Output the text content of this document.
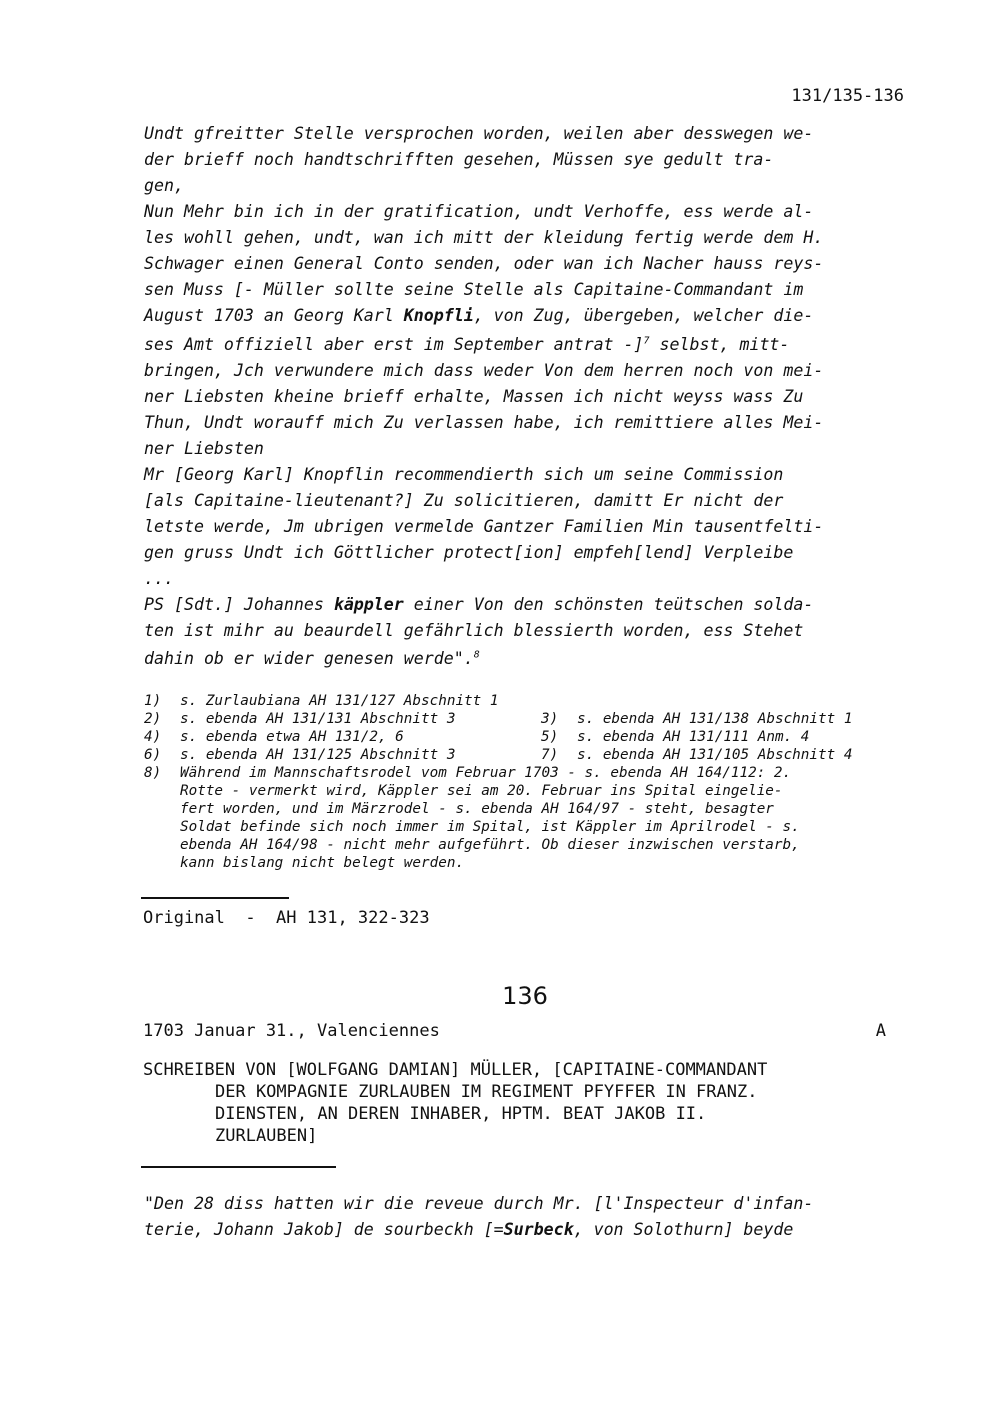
131/135-136
Undt gfreitter Stelle versprochen worden, weilen aber desswegen we-
der brieff noch handtschrifften gesehen, Müssen sye gedult tra-
gen,
Nun Mehr bin ich in der gratification, undt Verhoffe, ess werde al-
les wohll gehen, undt, wan ich mitt der kleidung fertig werde dem H.
Schwager einen General Conto senden, oder wan ich Nacher hauss reys-
sen Muss [- Müller sollte seine Stelle als Capitaine-Commandant im
August 1703 an Georg Karl Knopfli, von Zug, übergeben, welcher die-
ses Amt offiziell aber erst im September antrat -]$^7$ selbst, mitt-
bringen, Jch verwundere mich dass weder Von dem herren noch von mei-
ner Liebsten kheine brieff erhalte, Massen ich nicht weyss wass Zu
Thun, Undt worauff mich Zu verlassen habe, ich remittiere alles Mei-
ner Liebsten
Mr [Georg Karl] Knopflin recommendierth sich um seine Commission
[als Capitaine-lieutenant?] Zu solicitieren, damitt Er nicht der
letste werde, Jm ubrigen vermelde Gantzer Familien Min tausentfelti-
gen gruss Undt ich Göttlicher protect[ion] empfeh[lend] Verpleibe
...
PS [Sdt.] Johannes käppler einer Von den schönsten teütschen solda-
ten ist mihr au beaurdell gefährlich blessierth worden, ess Stehet
dahin ob er wider genesen werde".$^8$
1) s. Zurlaubiana AH 131/127 Abschnitt 1
2) s. ebenda AH 131/131 Abschnitt 3	3) s. ebenda AH 131/138 Abschnitt 1
4) s. ebenda etwa AH 131/2, 6	5) s. ebenda AH 131/111 Anm. 4
6) s. ebenda AH 131/125 Abschnitt 3	7) s. ebenda AH 131/105 Abschnitt 4
8) Während im Mannschaftsrodel vom Februar 1703 - s. ebenda AH 164/112: 2.
Rotte - vermerkt wird, Käppler sei am 20. Februar ins Spital eingelie-
fert worden, und im Märzrodel - s. ebenda AH 164/97 - steht, besagter
Soldat befinde sich noch immer im Spital, ist Käppler im Aprilrodel - s.
ebenda AH 164/98 - nicht mehr aufgeführt. Ob dieser inzwischen verstarb,
kann bislang nicht belegt werden.
Original  -  AH 131, 322-323
136
1703 Januar 31., Valenciennes	A
SCHREIBEN VON [WOLFGANG DAMIAN] MÜLLER, [CAPITAINE-COMMANDANT
DER KOMPAGNIE ZURLAUBEN IM REGIMENT PFYFFER IN FRANZ.
DIENSTEN, AN DEREN INHABER, HPTM. BEAT JAKOB II.
ZURLAUBEN]
"Den 28 diss hatten wir die reveue durch Mr. [l'Inspecteur d'infan-
terie, Johann Jakob] de sourbeckh [=Surbeck, von Solothurn] beyde
